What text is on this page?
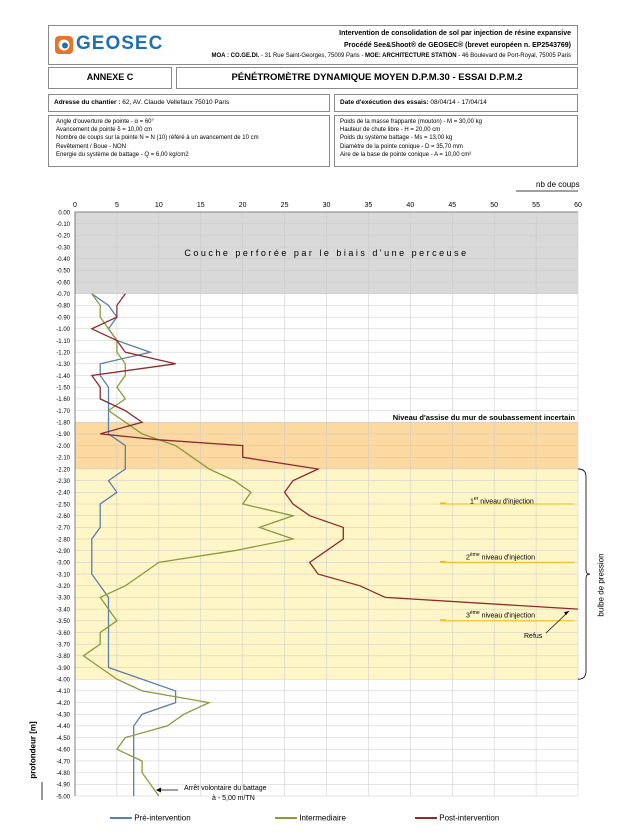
GEOSEC	Intervention de consolidation de sol par injection de résine expansive
Procédé See&Shoot® de GEOSEC® (brevet européen n. EP2543769)
MOA : CO.GE.DI. - 31 Rue Saint-Georges, 75009 Paris - MOE: ARCHITECTURE STATION - 46 Boulevard de Port-Royal, 75005 Paris
ANNEXE C	PÉNÉTROMÈTRE DYNAMIQUE MOYEN D.P.M.30 - ESSAI D.P.M.2
Adresse du chantier : 62, AV. Claude Vellefaux 75010 Paris	Date d'exécution des essais: 08/04/14 - 17/04/14
Angle d'ouverture de pointe - α = 60°
Avancement de pointe δ = 10,00 cm
Nombre de coups sur la pointe N = N (10) référé à un avancement de 10 cm
Revêtement / Boue - NON
Energie du système de battage - Q = 6,00 kg/cm2
Poids de la masse frappante (mouton) - M = 30,00 kg
Hauteur de chute libre - H = 20,00 cm
Poids du système battage - Ms = 13,00 kg
Diamètre de la pointe conique - D = 35,70 mm
Aire de la base de pointe conique - A = 10,00 cm²
0	5	10	15	20	25	30	35	40	45	50	55	60
0.00
-0.10
-0.20
-0.30
-0.40
-0.50
-0.60
-0.70
-0.80
-0.90
-1.00
-1.10
-1.20
-1.30
-1.40
-1.50
-1.60
-1.70
-1.80
-1.90
-2.00
-2.10
-2.20
-2.30
-2.40
-2.50
-2.60
-2.70
-2.80
-2.90
-3.00
-3.10
-3.20
-3.30
-3.40
-3.50
-3.60
-3.70
-3.80
-3.90
-4.00
-4.10
-4.20
-4.30
-4.40
-4.50
-4.60
-4.70
-4.80
-4.90
-5.00
nb de coups
Couche perforée par le biais d'une perceuse
Niveau d'assise du mur de soubassement incertain
1er niveau d'injection
2ème niveau d'injection
3ème niveau d'injection
Refus
bulbe de pression
profondeur [m]
Arrêt volontaire du battage
à - 5,00 m/TN
Pré-intervention	Intermediaire	Post-intervention
